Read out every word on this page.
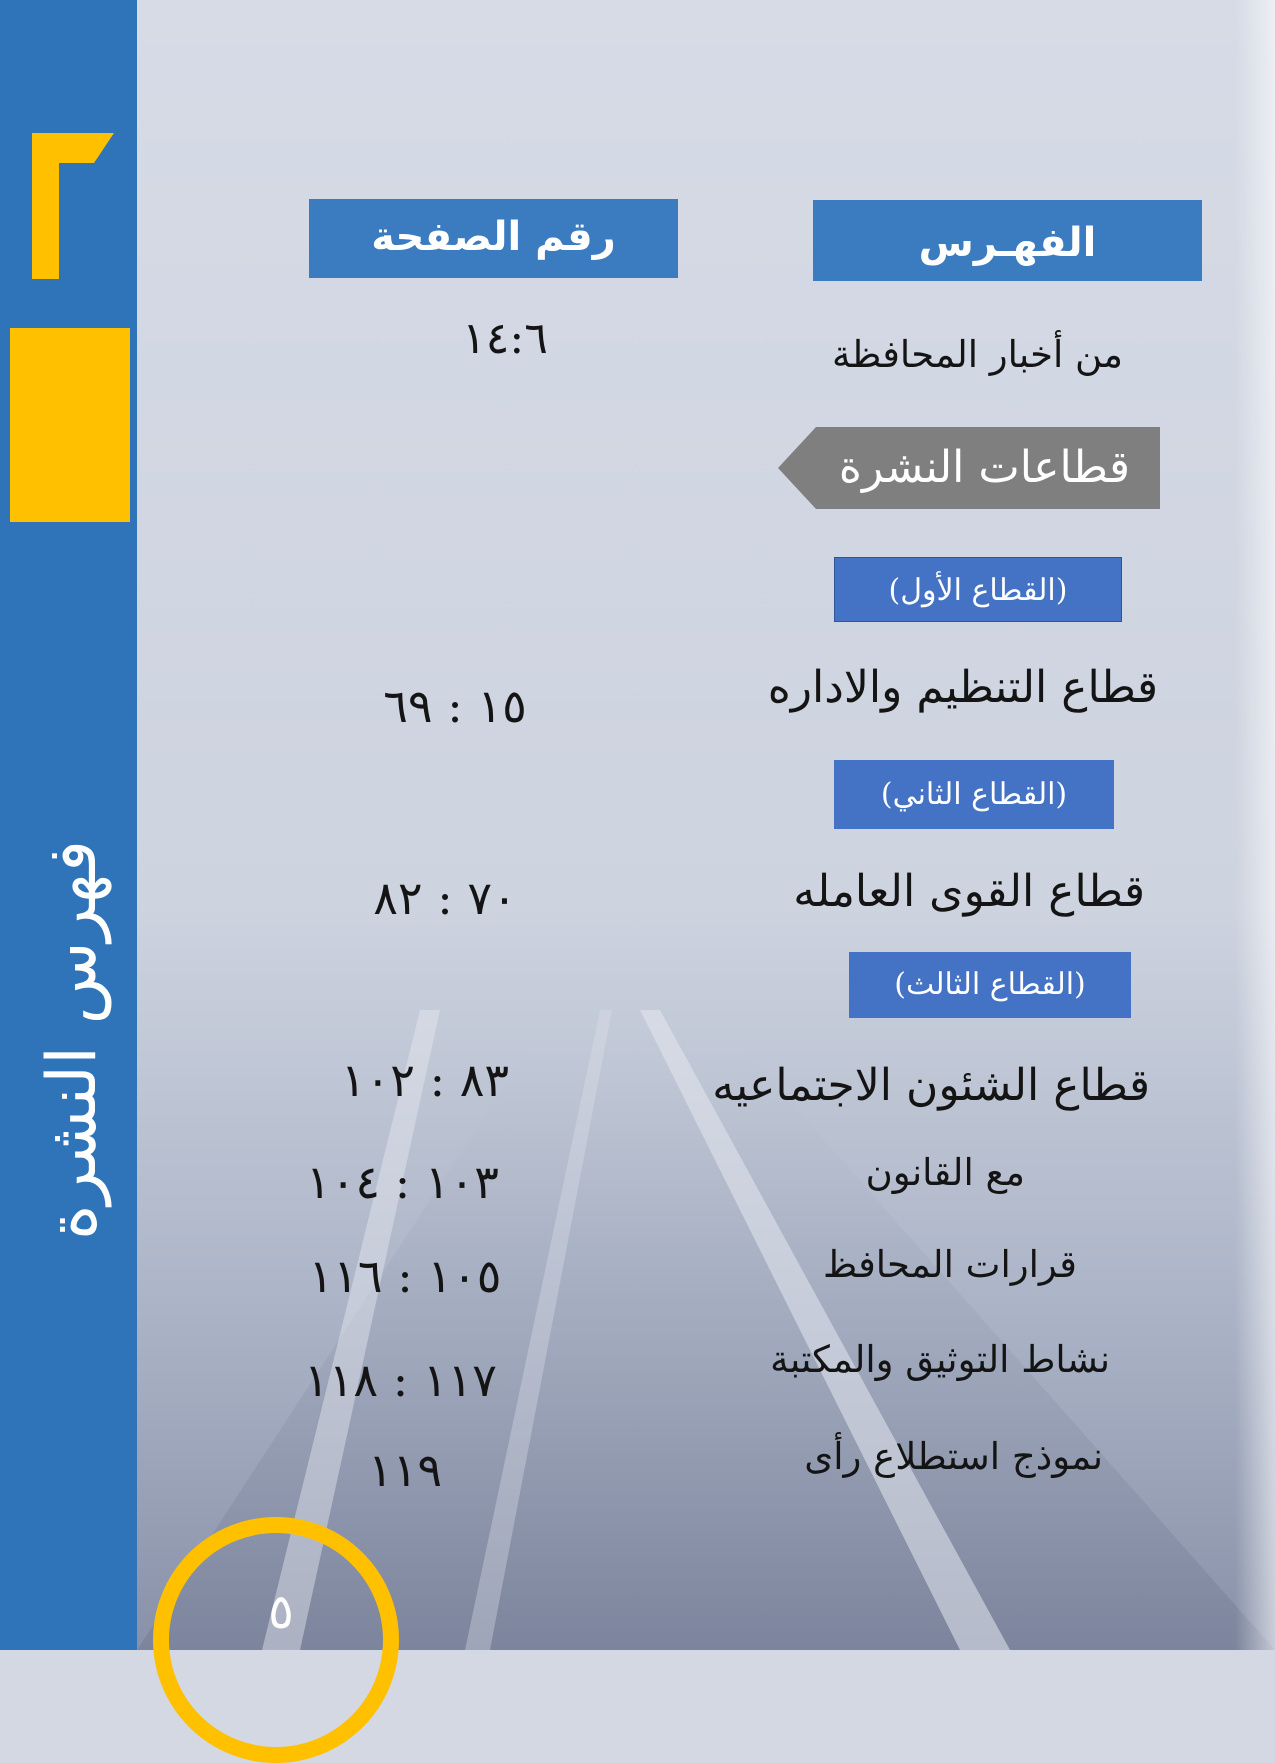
فهرس النشرة
٥
الفهـرس
رقم الصفحة
من أخبار المحافظة
١٤:٦
قطاعات النشرة
(القطاع الأول)
قطاع التنظيم والاداره
١٥ : ٦٩
(القطاع الثاني)
قطاع القوى العامله
٧٠ : ٨٢
(القطاع الثالث)
قطاع الشئون الاجتماعيه
٨٣ : ١٠٢
مع القانون
١٠٣ : ١٠٤
قرارات المحافظ
١٠٥ : ١١٦
نشاط التوثيق والمكتبة
١١٧ : ١١٨
نموذج استطلاع رأى
١١٩
